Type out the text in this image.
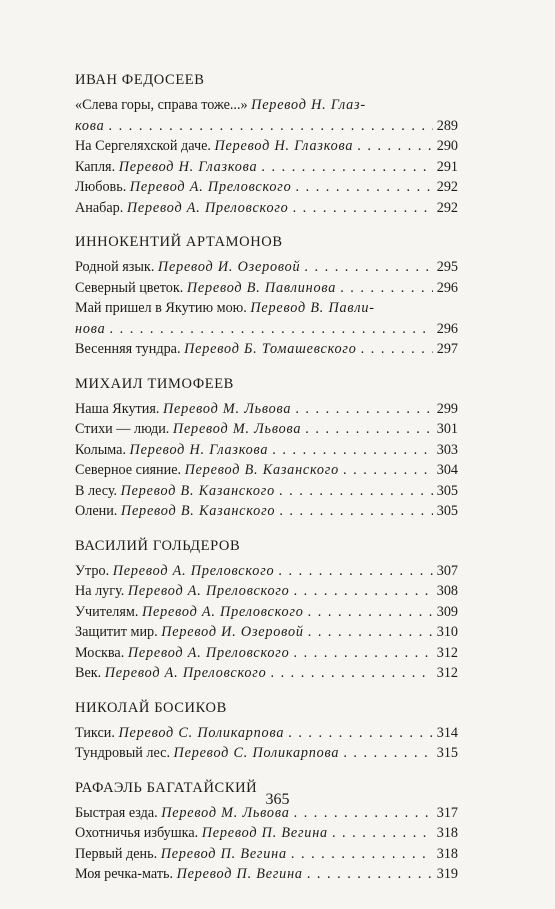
ИВАН ФЕДОСЕЕВ
«Слева горы, справа тоже...» Перевод Н. Глаз-
кова . . .	289
На Сергеляхской даче. Перевод Н. Глазкова . . .	290
Капля. Перевод Н. Глазкова . . .	291
Любовь. Перевод А. Преловского . . .	292
Анабар. Перевод А. Преловского . . .	292
ИННОКЕНТИЙ АРТАМОНОВ
Родной язык. Перевод И. Озеровой . . .	295
Северный цветок. Перевод В. Павлинова . . .	296
Май пришел в Якутию мою. Перевод В. Павли-
нова . . .	296
Весенняя тундра. Перевод Б. Томашевского . . .	297
МИХАИЛ ТИМОФЕЕВ
Наша Якутия. Перевод М. Львова . . .	299
Стихи — люди. Перевод М. Львова . . .	301
Колыма. Перевод Н. Глазкова . . .	303
Северное сияние. Перевод В. Казанского . . .	304
В лесу. Перевод В. Казанского . . .	305
Олени. Перевод В. Казанского . . .	305
ВАСИЛИЙ ГОЛЬДЕРОВ
Утро. Перевод А. Преловского . . .	307
На лугу. Перевод А. Преловского . . .	308
Учителям. Перевод А. Преловского . . .	309
Защитит мир. Перевод И. Озеровой . . .	310
Москва. Перевод А. Преловского . . .	312
Век. Перевод А. Преловского . . .	312
НИКОЛАЙ БОСИКОВ
Тикси. Перевод С. Поликарпова . . .	314
Тундровый лес. Перевод С. Поликарпова . . .	315
РАФАЭЛЬ БАГАТАЙСКИЙ
Быстрая езда. Перевод М. Львова . . .	317
Охотничья избушка. Перевод П. Вегина . . .	318
Первый день. Перевод П. Вегина . . .	318
Моя речка-мать. Перевод П. Вегина . . .	319
365
